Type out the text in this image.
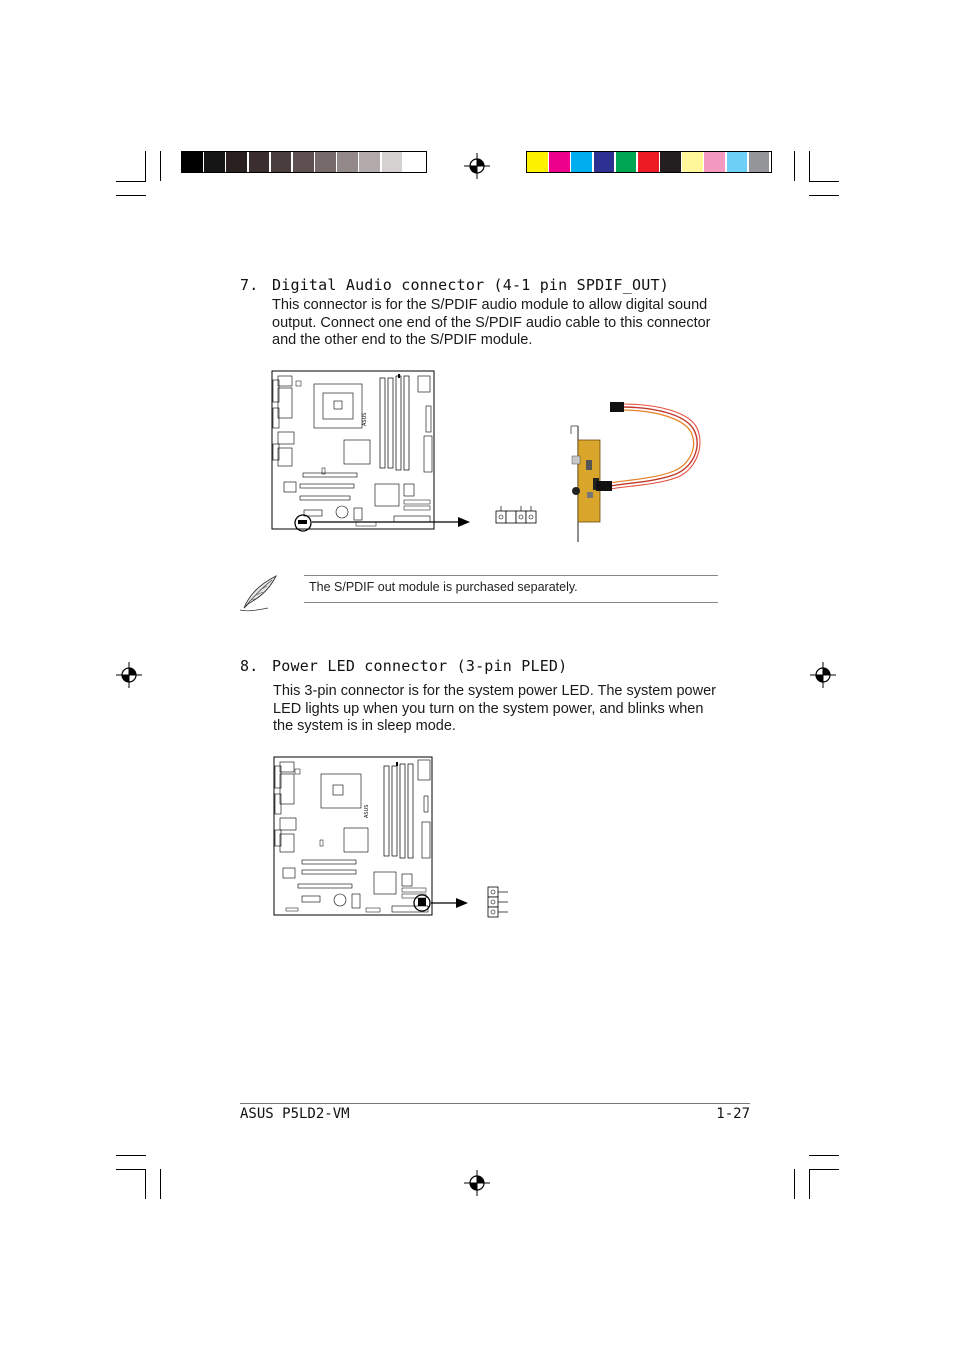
7. Digital Audio connector (4-1 pin SPDIF_OUT)
This connector is for the S/PDIF audio module to allow digital sound output. Connect one end of the S/PDIF audio cable to this connector and the other end to the S/PDIF module.
ASUS
The S/PDIF out module is purchased separately.
8. Power LED connector (3-pin PLED)
This 3-pin connector is for the system power LED. The system power LED lights up when you turn on the system power, and blinks when the system is in sleep mode.
ASUS
ASUS P5LD2-VM	1-27
